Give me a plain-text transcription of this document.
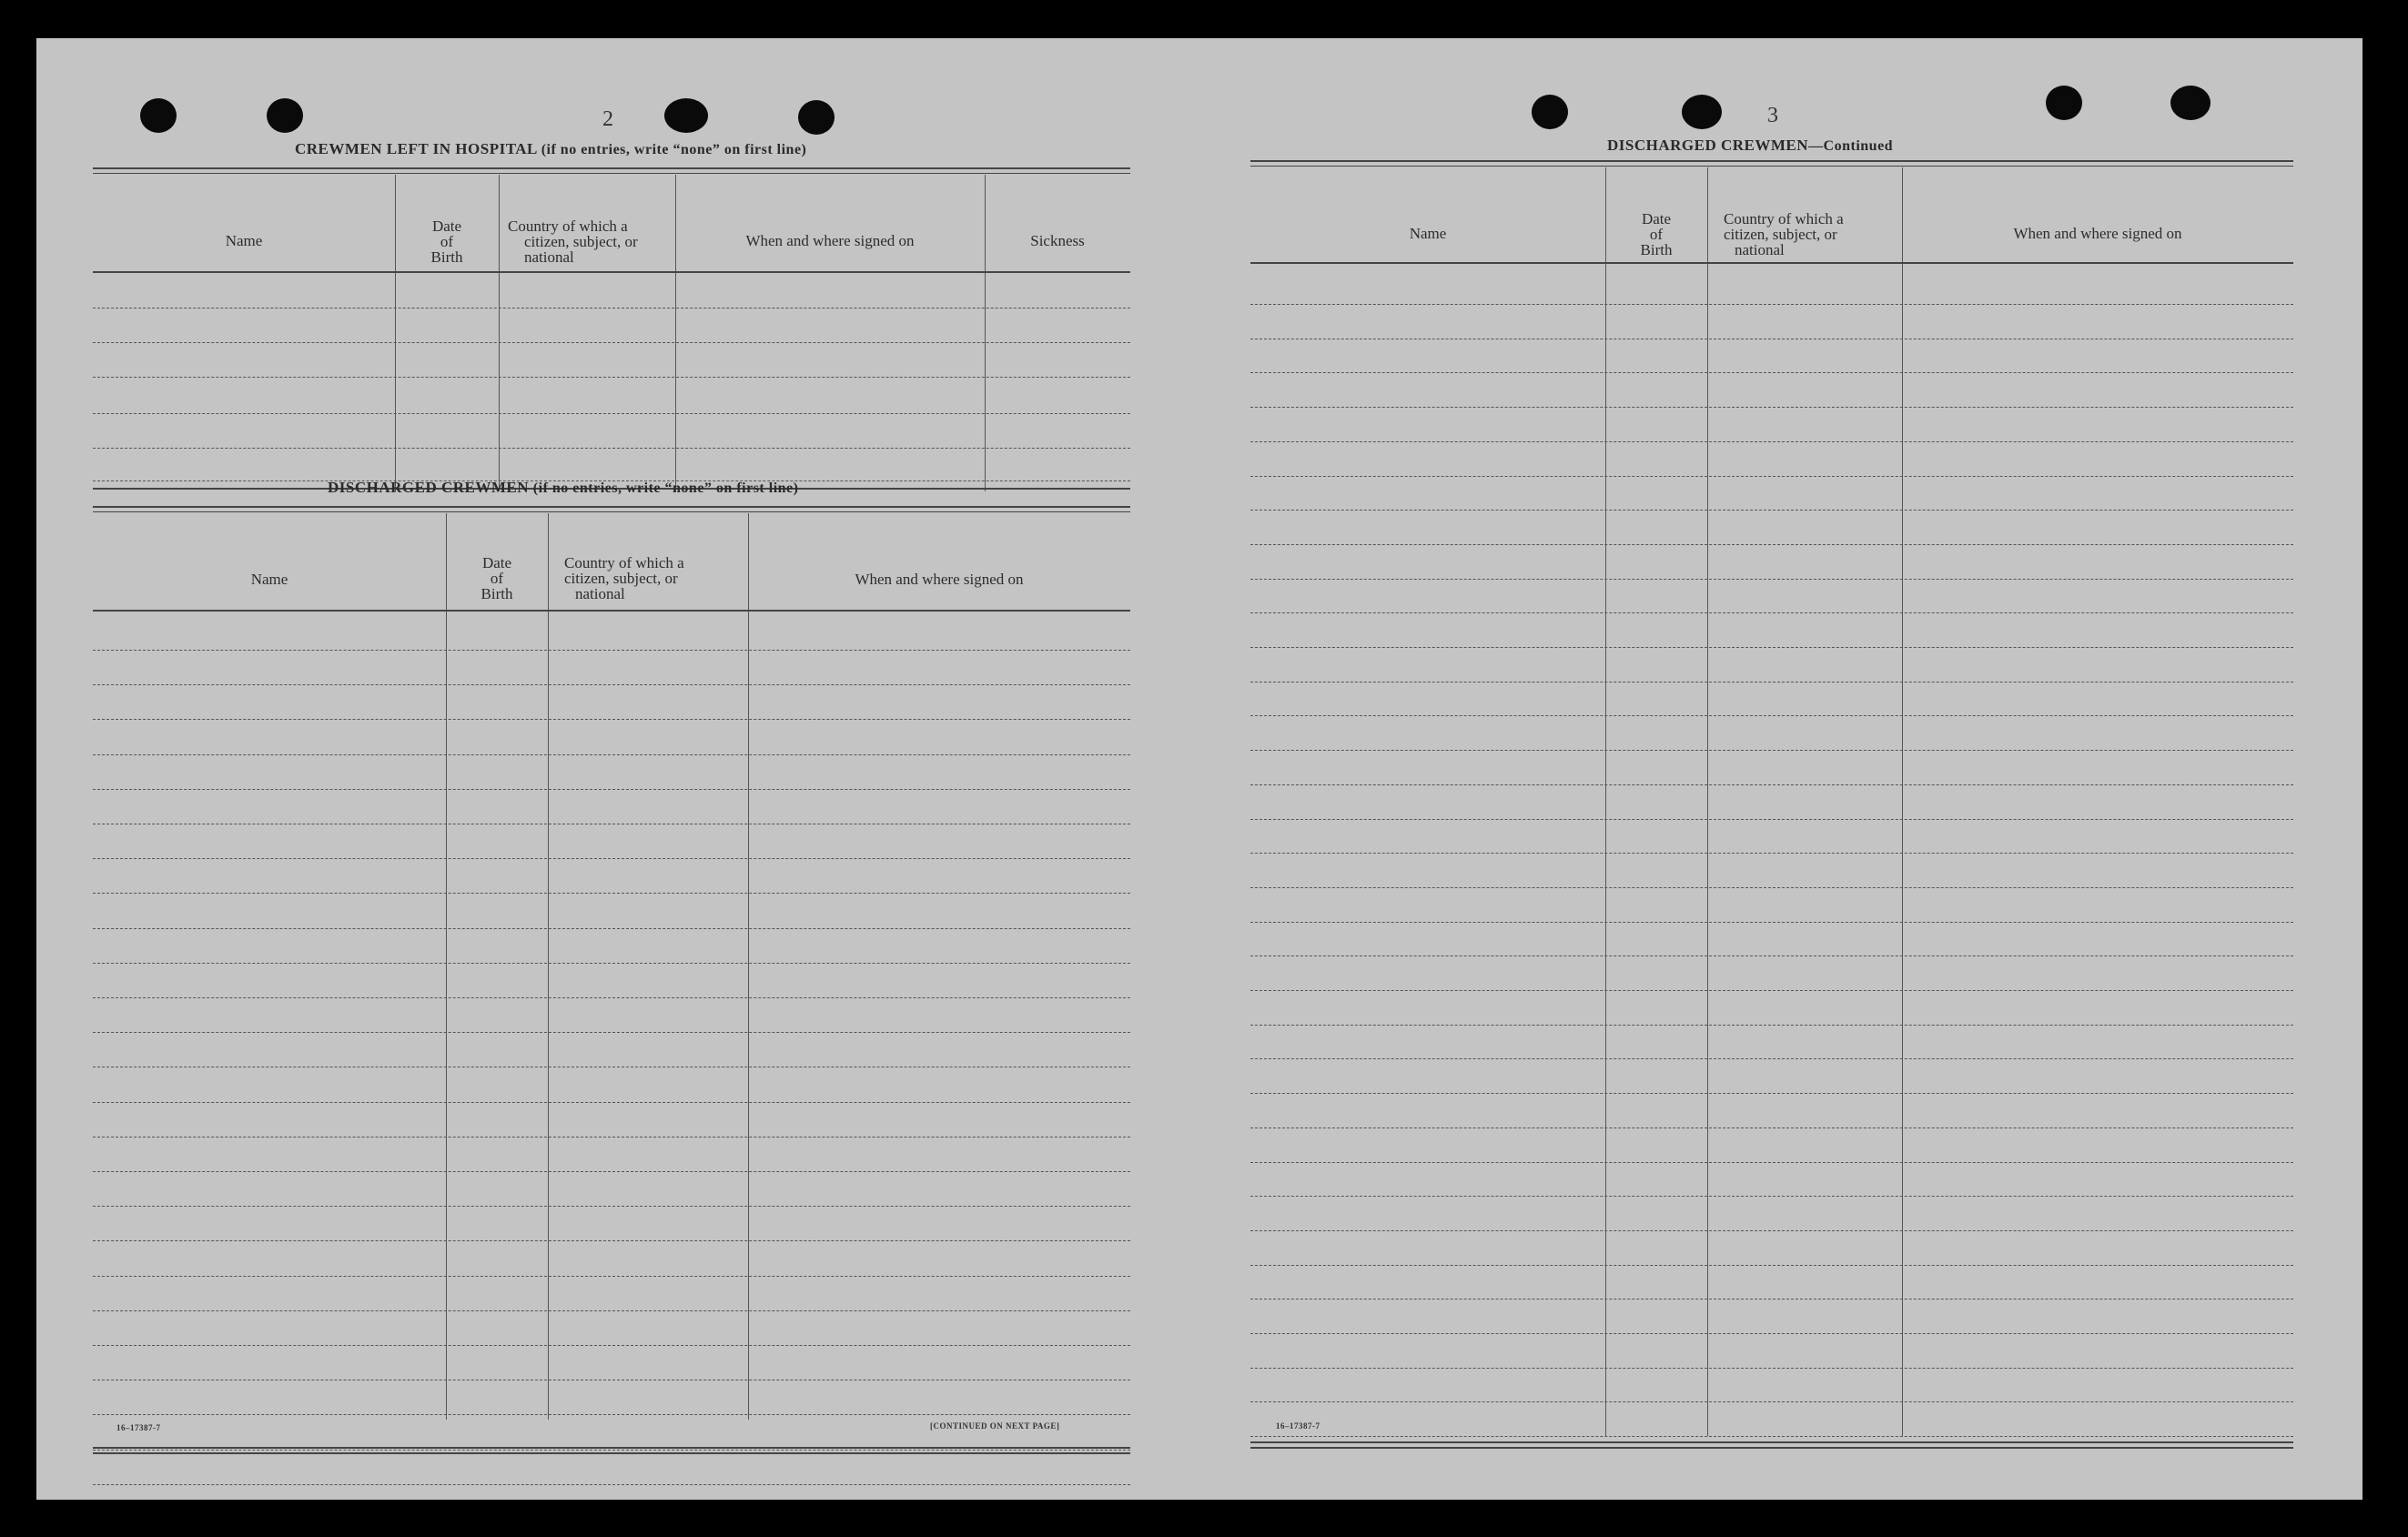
2
CREWMEN LEFT IN HOSPITAL (if no entries, write “none” on first line)
Name
Date
of
Birth
Country of which a
citizen, subject, or
national
When and where signed on	Sickness
DISCHARGED CREWMEN (if no entries, write “none” on first line)
Name
Date
of
Birth
Country of which a
citizen, subject, or
national
When and where signed on
16–17387-7	[CONTINUED ON NEXT PAGE]
3
DISCHARGED CREWMEN—Continued
Name
Date
of
Birth
Country of which a
citizen, subject, or
national
When and where signed on
16–17387-7
